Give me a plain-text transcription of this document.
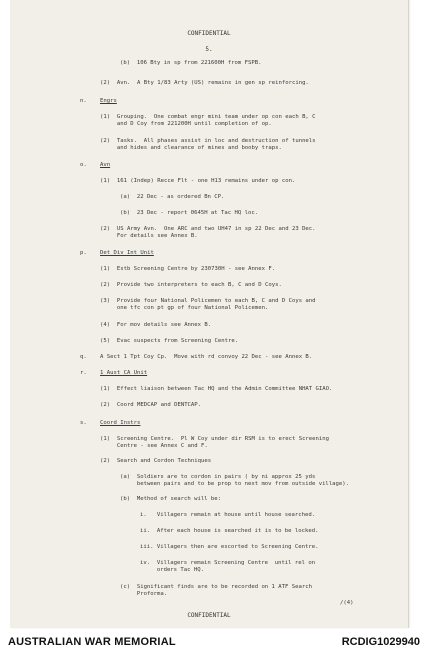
CONFIDENTIAL
5.
(b)  106 Bty in sp from 221600H from FSPB.
(2)  Avn.  A Bty 1/83 Arty (US) remains in gen sp reinforcing.
n. Engrs
(1)  Grouping.  One combat engr mini team under op con each B, C
and D Coy from 221200H until completion of op.
(2)  Tasks.  All phases assist in loc and destruction of tunnels
and hides and clearance of mines and booby traps.
o. Avn
(1)  161 (Indep) Recce Flt - one H13 remains under op con.
(a)  22 Dec - as ordered Bn CP.
(b)  23 Dec - report 0645H at Tac HQ loc.
(2)  US Army Avn.  One ARC and two UH47 in sp 22 Dec and 23 Dec.
For details see Annex B.
p. Det Div Int Unit
(1)  Estb Screening Centre by 230730H - see Annex F.
(2)  Provide two interpreters to each B, C and D Coys.
(3)  Provide four National Policemen to each B, C and D Coys and
one tfc con pt gp of four National Policemen.
(4)  For mov details see Annex B.
(5)  Evac suspects from Screening Centre.
q. A Sect 1 Tpt Coy Cp.  Move with rd convoy 22 Dec - see Annex B.
r. 1 Aust CA Unit
(1)  Effect liaison between Tac HQ and the Admin Committee NHAT GIAO.
(2)  Coord MEDCAP and DENTCAP.
s. Coord Instrs
(1)  Screening Centre.  Pl W Coy under dir RSM is to erect Screening
Centre - see Annex C and F.
(2)  Search and Cordon Techniques
(a)  Soldiers are to cordon in pairs ( by ni approx 25 yds
between pairs and to be prop to next mov from outside village).
(b)  Method of search will be:
i.   Villagers remain at house until house searched.
ii.  After each house is searched it is to be locked.
iii. Villagers then are escorted to Screening Centre.
iv.  Villagers remain Screening Centre  until rel on
orders Tac HQ.
(c)  Significant finds are to be recorded on 1 ATF Search
Proforma.
CONFIDENTIAL
/(4)
AUSTRALIAN WAR MEMORIAL	RCDIG1029940
